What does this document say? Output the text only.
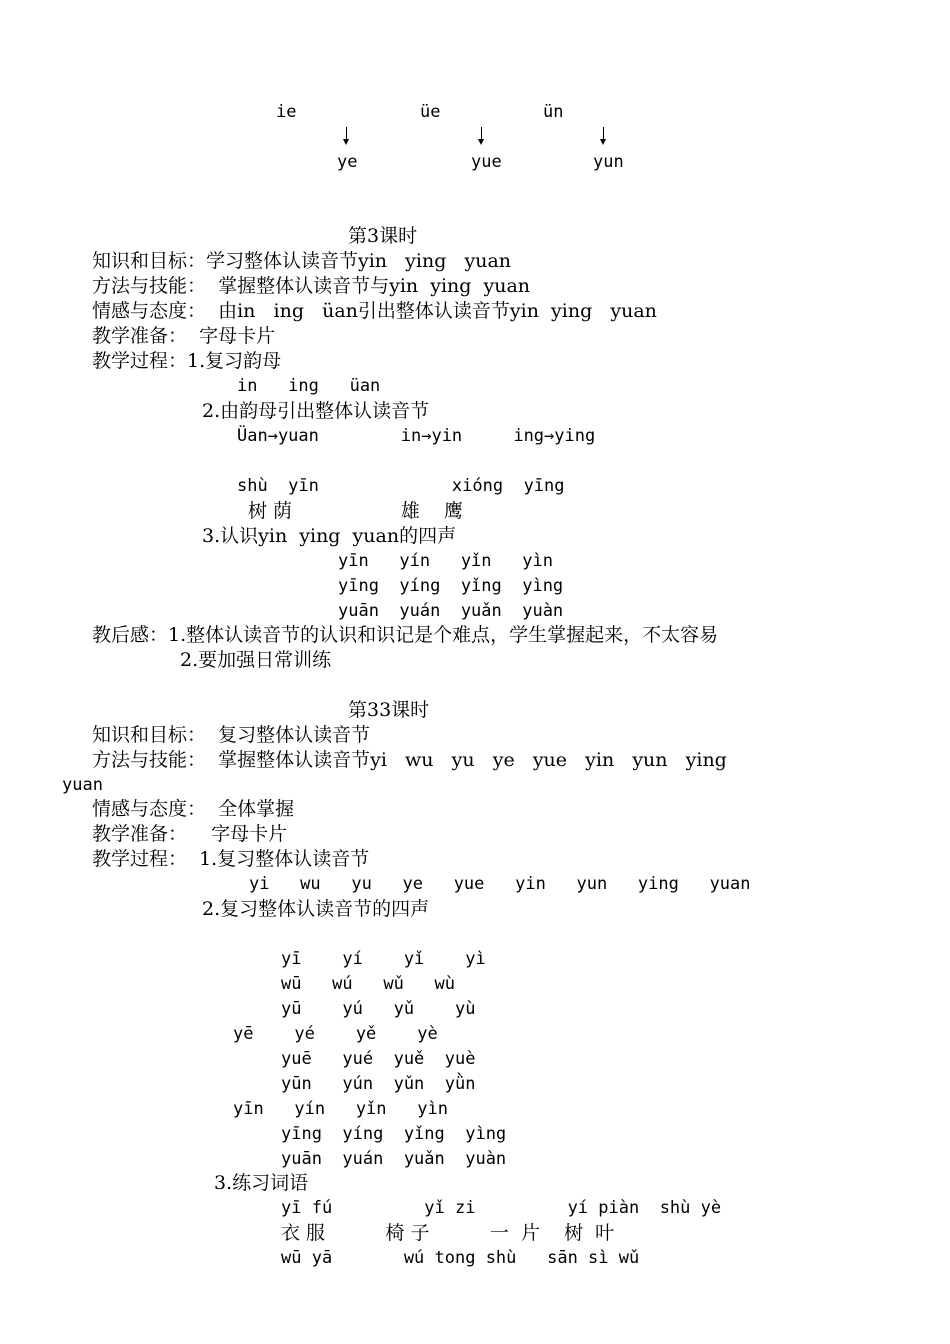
ie	üe	ün
ye	yue	yun
第3课时
知识和目标：学习整体认读音节yin   ying   yuan
方法与技能：  掌握整体认读音节与yin  ying  yuan
情感与态度：  由in   ing   üan引出整体认读音节yin  ying   yuan
教学准备：  字母卡片
教学过程：1.复习韵母
in   ing   üan
2.由韵母引出整体认读音节
Üan→yuan        in→yin     ing→ying
shù  yīn             xióng  yīng
树 荫                  雄    鹰
3.认识yin  ying  yuan的四声
yīn   yín   yǐn   yìn
yīng  yíng  yǐng  yìng
yuān  yuán  yuǎn  yuàn
教后感：1.整体认读音节的认识和识记是个难点，学生掌握起来，不太容易
2.要加强日常训练
第33课时
知识和目标：  复习整体认读音节
方法与技能：  掌握整体认读音节yi   wu   yu   ye   yue   yin   yun   ying
yuan
情感与态度：  全体掌握
教学准备：    字母卡片
教学过程：  1.复习整体认读音节
yi   wu   yu   ye   yue   yin   yun   ying   yuan
2.复习整体认读音节的四声
yī    yí    yǐ    yì
wū   wú   wǔ   wù
yū    yú   yǔ    yù
yē    yé    yě    yè
yuē   yué  yuě  yuè
yūn   yún  yǔn  yǜn
yīn   yín   yǐn   yìn
yīng  yíng  yǐng  yìng
yuān  yuán  yuǎn  yuàn
3.练习词语
yī fú         yǐ zi         yí piàn  shù yè
衣 服          椅 子          一  片    树  叶
wū yā       wú tong shù   sān sì wǔ
